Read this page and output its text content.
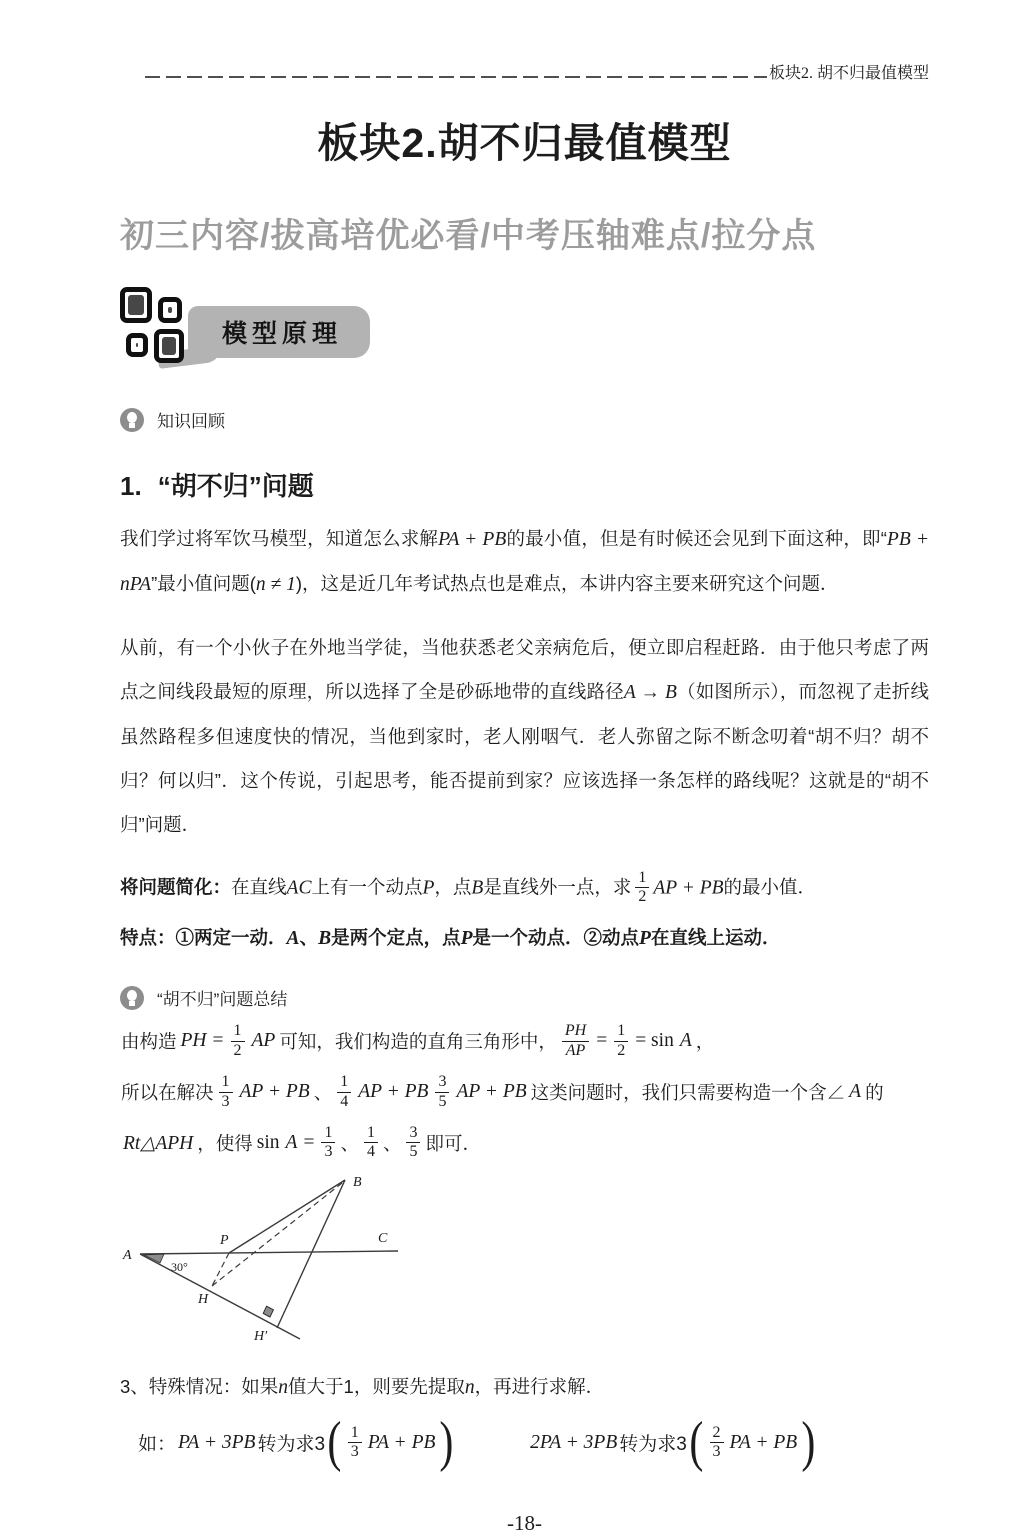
板块2. 胡不归最值模型
板块2.胡不归最值模型
初三内容/拔高培优必看/中考压轴难点/拉分点
模型原理
知识回顾
1. “胡不归”问题

我们学过将军饮马模型，知道怎么求解PA + PB的最小值，但是有时候还会见到下面这种，即“PB + nPA”最小值问题(n ≠ 1)，这是近几年考试热点也是难点，本讲内容主要来研究这个问题．

从前，有一个小伙子在外地当学徒，当他获悉老父亲病危后，便立即启程赶路．由于他只考虑了两点之间线段最短的原理，所以选择了全是砂砾地带的直线路径A → B（如图所示），而忽视了走折线虽然路程多但速度快的情况，当他到家时，老人刚咽气．老人弥留之际不断念叨着“胡不归？胡不归？何以归”．这个传说，引起思考，能否提前到家？应该选择一条怎样的路线呢？这就是的“胡不归”问题．

将问题简化：在直线AC上有一个动点P，点B是直线外一点，求 $\frac{1}{2}$ AP + PB的最小值．

特点：①两定一动．A、B是两个定点，点P是一个动点．②动点P在直线上运动．

“胡不归”问题总结
由构造 PH = $\frac{1}{2}$ AP 可知，我们构造的直角三角形中， $\frac{PH}{AP} = \frac{1}{2} = \sin A$ ，
所以在解决 $\frac{1}{3}$ AP + PB 、 $\frac{1}{4}$ AP + PB $\frac{3}{5}$ AP + PB 这类问题时，我们只需要构造一个含∠ A 的
Rt△APH ，使得 $\sin A = \frac{1}{3}$ 、 $\frac{1}{4}$ 、 $\frac{3}{5}$ 即可．
A
P	C
B
H
H′
30°

3、特殊情况：如果n值大于1，则要先提取n，再进行求解．

如： PA + 3PB 转为求3 ( $\frac{1}{3}$ PA + PB )	2PA + 3PB 转为求3 ( $\frac{2}{3}$ PA + PB )
-18-
